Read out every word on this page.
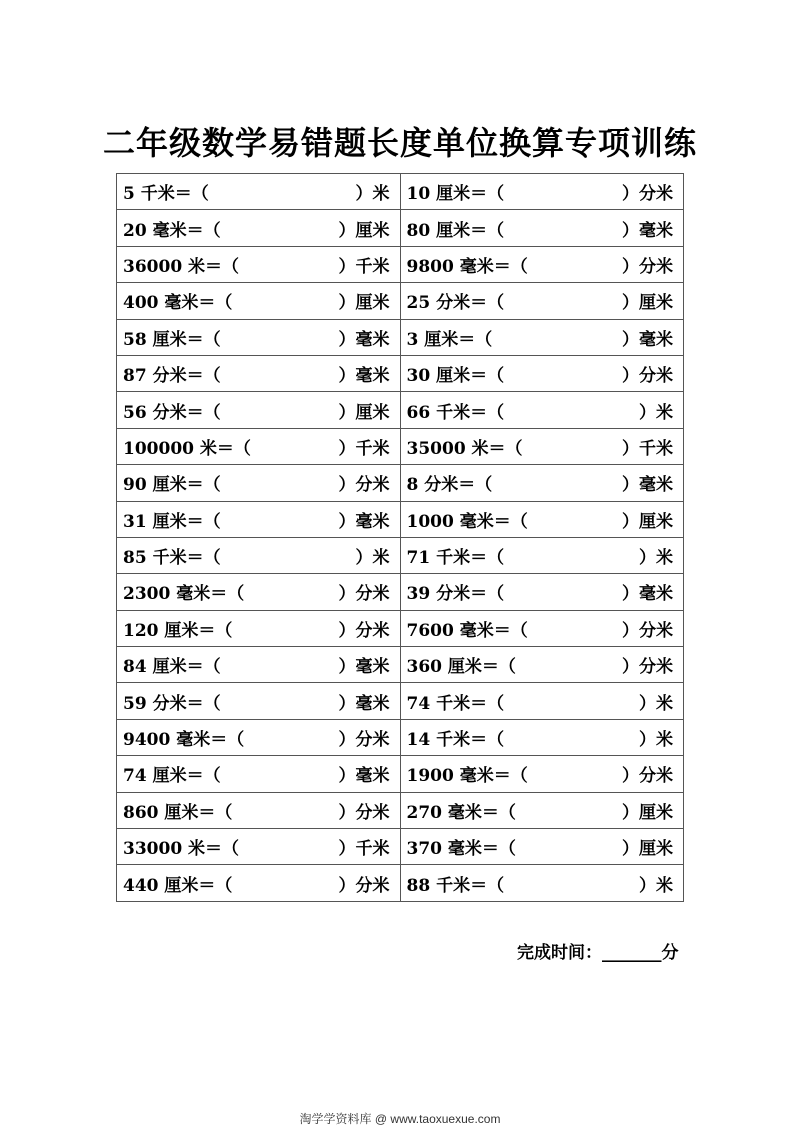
二年级数学易错题长度单位换算专项训练
5 千米＝（ ）米	10 厘米＝（ ）分米

20 毫米＝（ ）厘米	80 厘米＝（ ）毫米

36000 米＝（ ）千米	9800 毫米＝（ ）分米

400 毫米＝（ ）厘米	25 分米＝（ ）厘米

58 厘米＝（ ）毫米	3 厘米＝（ ）毫米

87 分米＝（ ）毫米	30 厘米＝（ ）分米

56 分米＝（ ）厘米	66 千米＝（ ）米

100000 米＝（ ）千米	35000 米＝（ ）千米

90 厘米＝（ ）分米	8 分米＝（ ）毫米

31 厘米＝（ ）毫米	1000 毫米＝（ ）厘米

85 千米＝（ ）米	71 千米＝（ ）米

2300 毫米＝（ ）分米	39 分米＝（ ）毫米

120 厘米＝（ ）分米	7600 毫米＝（ ）分米

84 厘米＝（ ）毫米	360 厘米＝（ ）分米

59 分米＝（ ）毫米	74 千米＝（ ）米

9400 毫米＝（ ）分米	14 千米＝（ ）米

74 厘米＝（ ）毫米	1900 毫米＝（ ）分米

860 厘米＝（ ）分米	270 毫米＝（ ）厘米

33000 米＝（ ）千米	370 毫米＝（ ）厘米

440 厘米＝（ ）分米	88 千米＝（ ）米
完成时间：_______分
淘学学资料库 @ www.taoxuexue.com
